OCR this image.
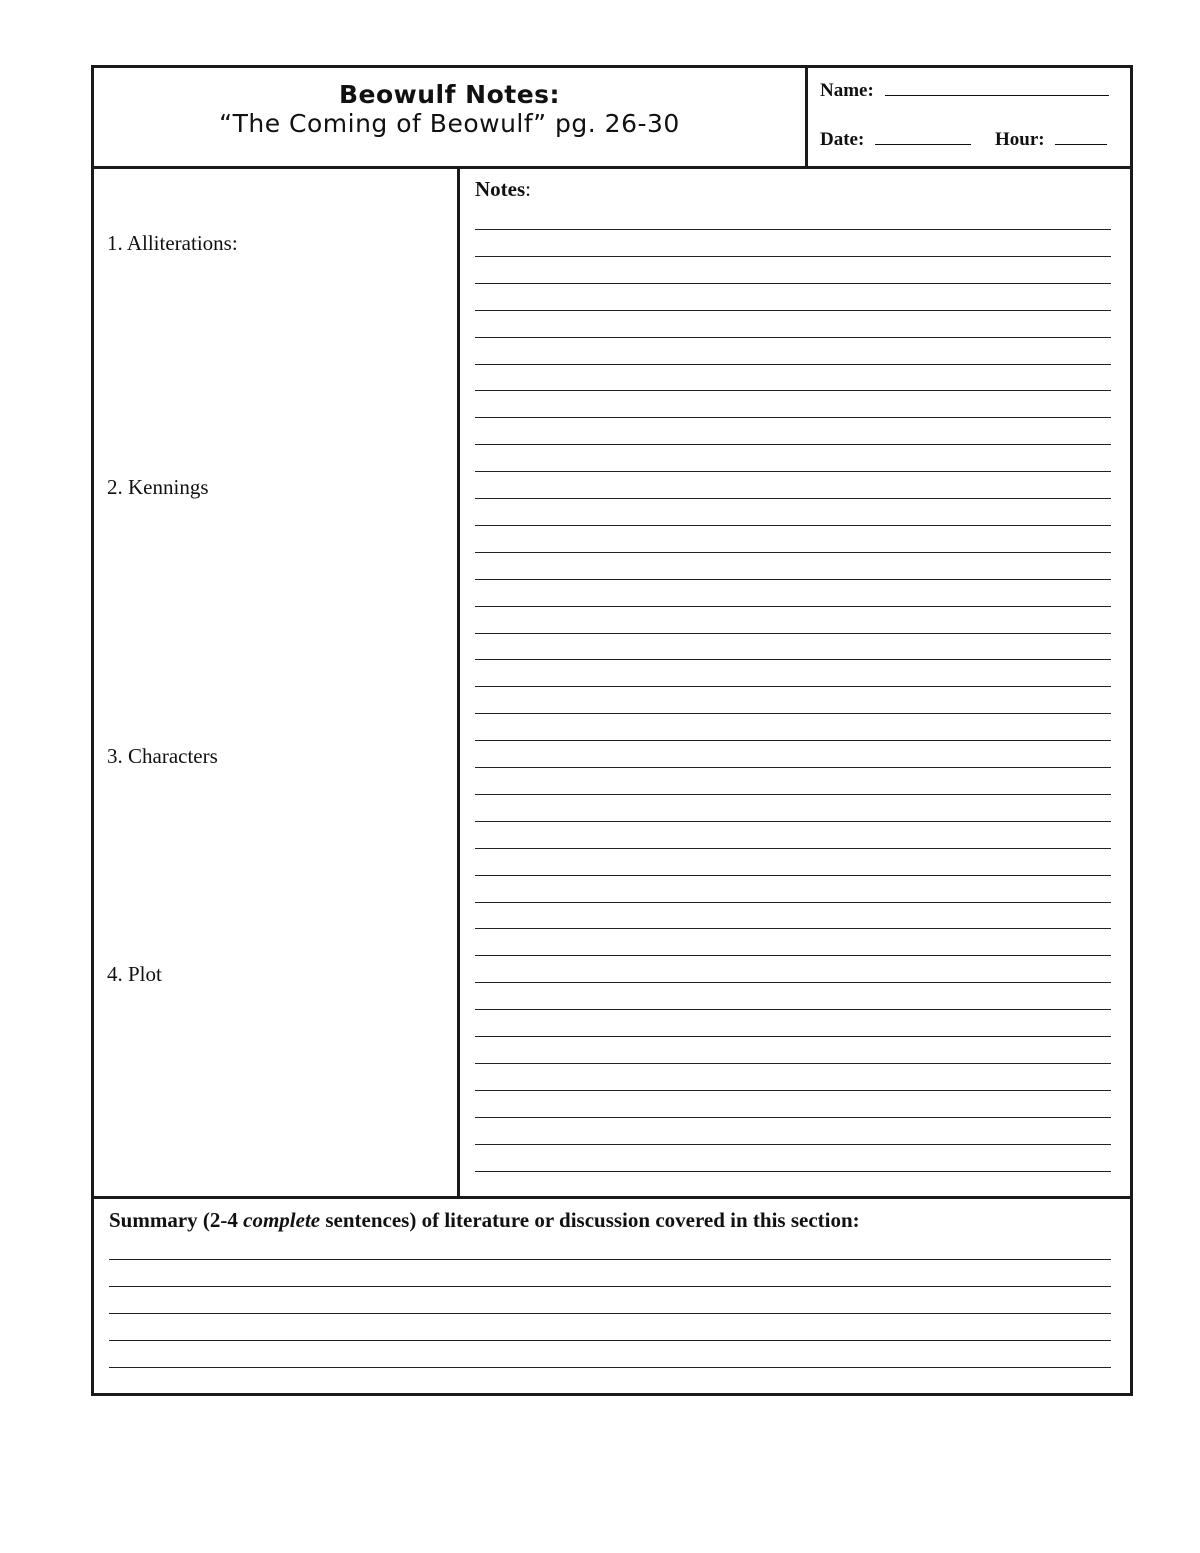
Beowulf Notes:
“The Coming of Beowulf” pg. 26-30
Name:
Date:	Hour:
1. Alliterations:
2. Kennings
3. Characters
4. Plot
Notes:
Summary (2-4 complete sentences) of literature or discussion covered in this section:
